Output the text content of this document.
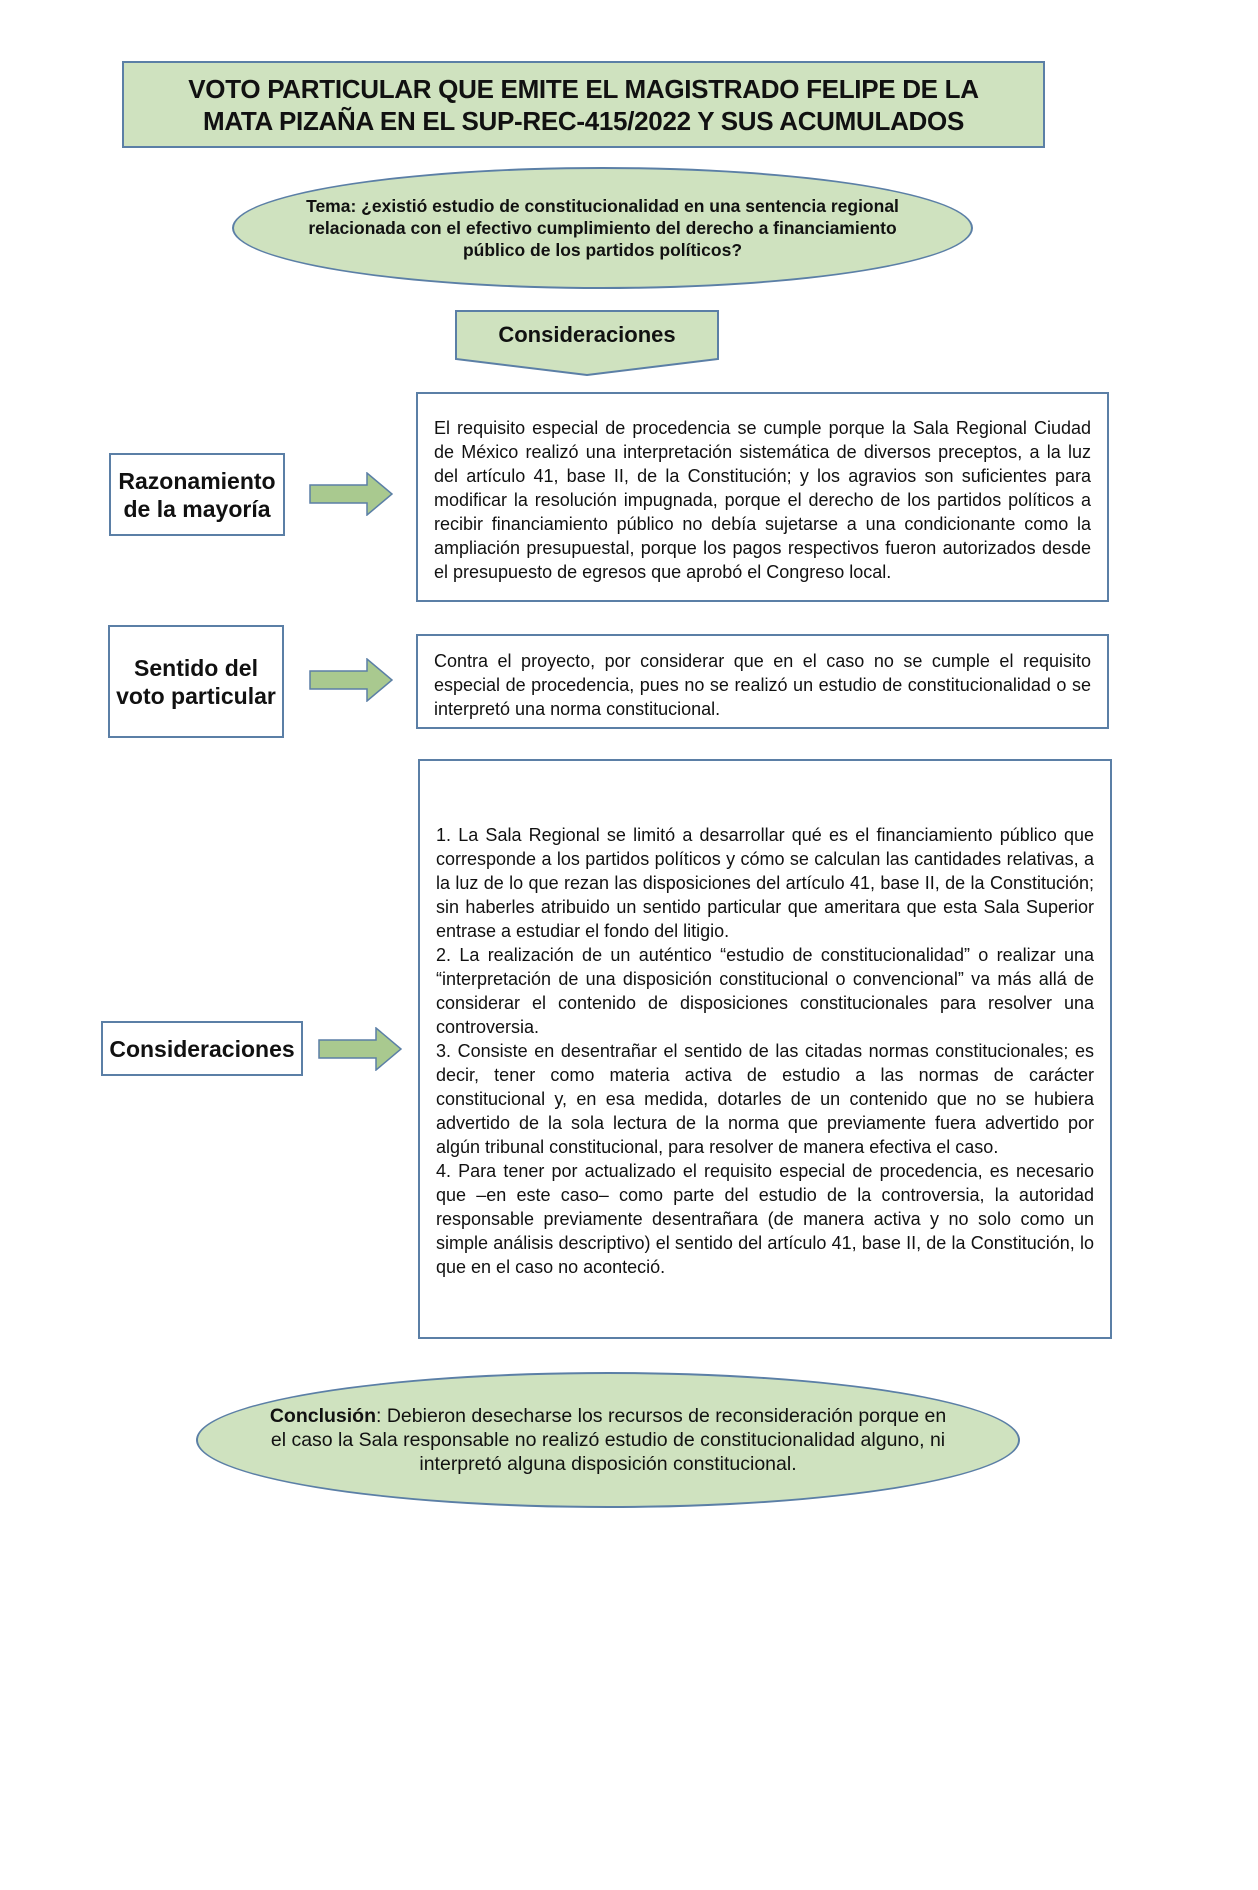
VOTO PARTICULAR QUE EMITE EL MAGISTRADO FELIPE DE LA MATA PIZAÑA EN EL SUP-REC-415/2022 Y SUS ACUMULADOS
Tema: ¿existió estudio de constitucionalidad en una sentencia regional relacionada con el efectivo cumplimiento del derecho a financiamiento público de los partidos políticos?
Consideraciones
Razonamiento de la mayoría
El requisito especial de procedencia se cumple porque la Sala Regional Ciudad de México realizó una interpretación sistemática de diversos preceptos, a la luz del artículo 41, base II, de la Constitución; y los agravios son suficientes para modificar la resolución impugnada, porque el derecho de los partidos políticos a recibir financiamiento público no debía sujetarse a una condicionante como la ampliación presupuestal, porque los pagos respectivos fueron autorizados desde el presupuesto de egresos que aprobó el Congreso local.
Sentido del voto particular
Contra el proyecto, por considerar que en el caso no se cumple el requisito especial de procedencia, pues no se realizó un estudio de constitucionalidad o se interpretó una norma constitucional.
Consideraciones

1. La Sala Regional se limitó a desarrollar qué es el financiamiento público que corresponde a los partidos políticos y cómo se calculan las cantidades relativas, a la luz de lo que rezan las disposiciones del artículo 41, base II, de la Constitución; sin haberles atribuido un sentido particular que ameritara que esta Sala Superior entrase a estudiar el fondo del litigio.

2. La realización de un auténtico “estudio de constitucionalidad” o realizar una “interpretación de una disposición constitucional o convencional” va más allá de considerar el contenido de disposiciones constitucionales para resolver una controversia.

3. Consiste en desentrañar el sentido de las citadas normas constitucionales; es decir, tener como materia activa de estudio a las normas de carácter constitucional y, en esa medida, dotarles de un contenido que no se hubiera advertido de la sola lectura de la norma que previamente fuera advertido por algún tribunal constitucional, para resolver de manera efectiva el caso.

4. Para tener por actualizado el requisito especial de procedencia, es necesario que –en este caso– como parte del estudio de la controversia, la autoridad responsable previamente desentrañara (de manera activa y no solo como un simple análisis descriptivo) el sentido del artículo 41, base II, de la Constitución, lo que en el caso no aconteció.

Conclusión: Debieron desecharse los recursos de reconsideración porque en el caso la Sala responsable no realizó estudio de constitucionalidad alguno, ni interpretó alguna disposición constitucional.
